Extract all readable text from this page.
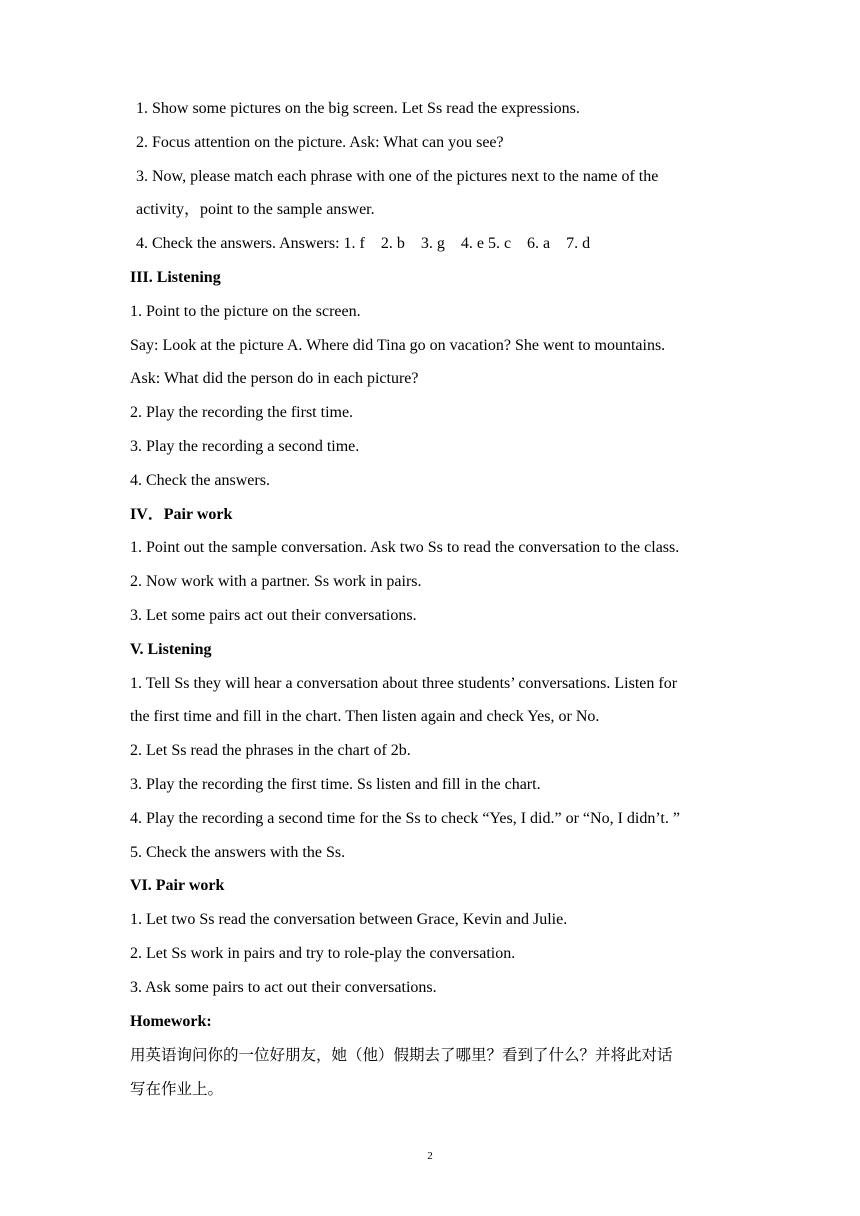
1. Show some pictures on the big screen. Let Ss read the expressions.
2. Focus attention on the picture. Ask: What can you see?
3. Now, please match each phrase with one of the pictures next to the name of the
activity，point to the sample answer.
4. Check the answers. Answers: 1. f    2. b    3. g    4. e 5. c    6. a    7. d
III. Listening
1. Point to the picture on the screen.
Say: Look at the picture A. Where did Tina go on vacation? She went to mountains.
Ask: What did the person do in each picture?
2. Play the recording the first time.
3. Play the recording a second time.
4. Check the answers.
IV．Pair work
1. Point out the sample conversation. Ask two Ss to read the conversation to the class.
2. Now work with a partner. Ss work in pairs.
3. Let some pairs act out their conversations.
V. Listening
1. Tell Ss they will hear a conversation about three students’ conversations. Listen for
the first time and fill in the chart. Then listen again and check Yes, or No.
2. Let Ss read the phrases in the chart of 2b.
3. Play the recording the first time. Ss listen and fill in the chart.
4. Play the recording a second time for the Ss to check “Yes, I did.” or “No, I didn’t. ”
5. Check the answers with the Ss.
VI. Pair work
1. Let two Ss read the conversation between Grace, Kevin and Julie.
2. Let Ss work in pairs and try to role-play the conversation.
3. Ask some pairs to act out their conversations.
Homework:
用英语询问你的一位好朋友，她（他）假期去了哪里？看到了什么？并将此对话
写在作业上。
2
